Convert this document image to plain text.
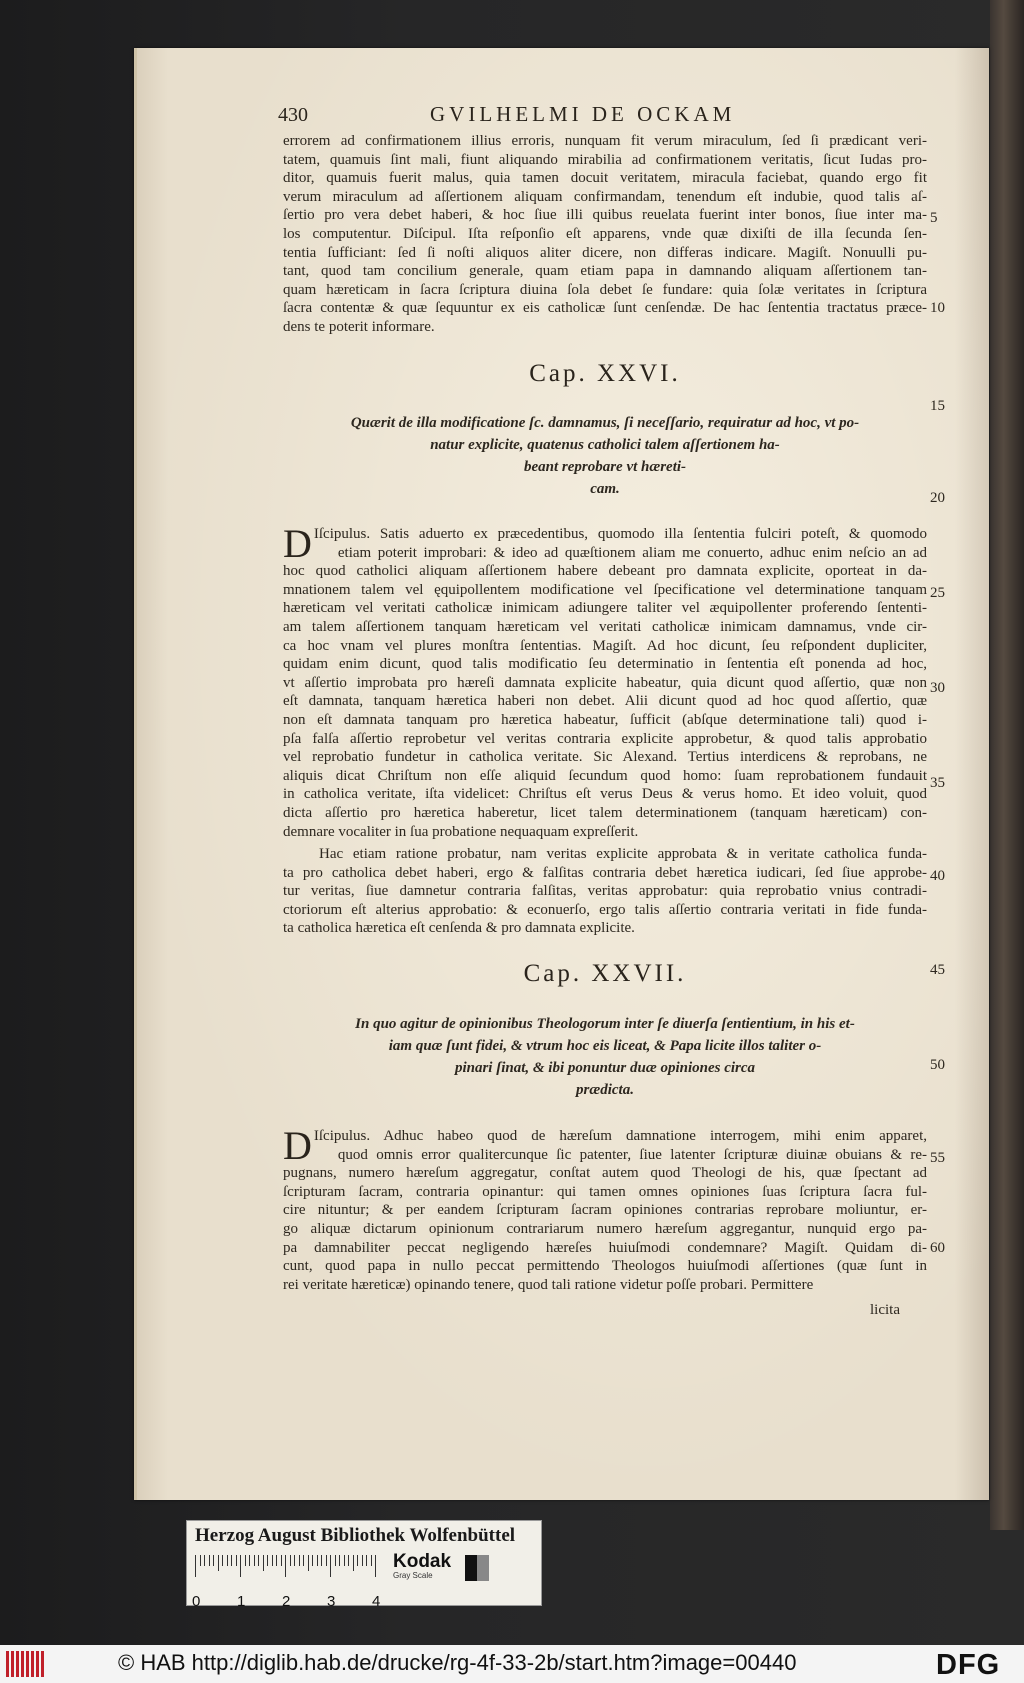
430	GVILHELMI DE OCKAM
errorem ad confirmationem illius erroris, nunquam fit verum miraculum, ſed ſi prædicant veri-
tatem, quamuis ſint mali, fiunt aliquando mirabilia ad confirmationem veritatis, ſicut Iudas pro-
ditor, quamuis fuerit malus, quia tamen docuit veritatem, miracula faciebat, quando ergo fit
verum miraculum ad aſſertionem aliquam confirmandam, tenendum eſt indubie, quod talis aſ-
ſertio pro vera debet haberi, & hoc ſiue illi quibus reuelata fuerint inter bonos, ſiue inter ma-
los computentur. Diſcipul. Iſta reſponſio eſt apparens, vnde quæ dixiſti de illa ſecunda ſen-
tentia ſufficiant: ſed ſi noſti aliquos aliter dicere, non differas indicare. Magiſt. Nonuulli pu-
tant, quod tam concilium generale, quam etiam papa in damnando aliquam aſſertionem tan-
quam hæreticam in ſacra ſcriptura diuina ſola debet ſe fundare: quia ſolæ veritates in ſcriptura
ſacra contentæ & quæ ſequuntur ex eis catholicæ ſunt cenſendæ. De hac ſententia tractatus præce-
dens te poterit informare.
Cap. XXVI.
Quærit de illa modificatione ſc. damnamus, ſi neceſſario, requiratur ad hoc, vt po-
natur explicite, quatenus catholici talem aſſertionem ha-
beant reprobare vt hæreti-
cam.
D Iſcipulus. Satis aduerto ex præcedentibus, quomodo illa ſententia fulciri poteſt, & quomodo
etiam poterit improbari: & ideo ad quæſtionem aliam me conuerto, adhuc enim neſcio an ad
hoc quod catholici aliquam aſſertionem habere debeant pro damnata explicite, oporteat in da-
mnationem talem vel ęquipollentem modificatione vel ſpecificatione vel determinatione tanquam
hæreticam vel veritati catholicæ inimicam adiungere taliter vel æquipollenter proferendo ſententi-
am talem aſſertionem tanquam hæreticam vel veritati catholicæ inimicam damnamus, vnde cir-
ca hoc vnam vel plures monſtra ſententias. Magiſt. Ad hoc dicunt, ſeu reſpondent dupliciter,
quidam enim dicunt, quod talis modificatio ſeu determinatio in ſententia eſt ponenda ad hoc,
vt aſſertio improbata pro hæreſi damnata explicite habeatur, quia dicunt quod aſſertio, quæ non
eſt damnata, tanquam hæretica haberi non debet. Alii dicunt quod ad hoc quod aſſertio, quæ
non eſt damnata tanquam pro hæretica habeatur, ſufficit (abſque determinatione tali) quod i-
pſa falſa aſſertio reprobetur vel veritas contraria explicite approbetur, & quod talis approbatio
vel reprobatio fundetur in catholica veritate. Sic Alexand. Tertius interdicens & reprobans, ne
aliquis dicat Chriſtum non eſſe aliquid ſecundum quod homo: ſuam reprobationem fundauit
in catholica veritate, iſta videlicet: Chriſtus eſt verus Deus & verus homo. Et ideo voluit, quod
dicta aſſertio pro hæretica haberetur, licet talem determinationem (tanquam hæreticam) con-
demnare vocaliter in ſua probatione nequaquam expreſſerit.
Hac etiam ratione probatur, nam veritas explicite approbata & in veritate catholica funda-
ta pro catholica debet haberi, ergo & falſitas contraria debet hæretica iudicari, ſed ſiue approbe-
tur veritas, ſiue damnetur contraria falſitas, veritas approbatur: quia reprobatio vnius contradi-
ctoriorum eſt alterius approbatio: & econuerſo, ergo talis aſſertio contraria veritati in fide funda-
ta catholica hæretica eſt cenſenda & pro damnata explicite.
Cap. XXVII.
In quo agitur de opinionibus Theologorum inter ſe diuerſa ſentientium, in his et-
iam quæ ſunt fidei, & vtrum hoc eis liceat, & Papa licite illos taliter o-
pinari ſinat, & ibi ponuntur duæ opiniones circa
prædicta.
D Iſcipulus. Adhuc habeo quod de hæreſum damnatione interrogem, mihi enim apparet,
quod omnis error qualitercunque ſic patenter, ſiue latenter ſcripturæ diuinæ obuians & re-
pugnans, numero hæreſum aggregatur, conſtat autem quod Theologi de his, quæ ſpectant ad
ſcripturam ſacram, contraria opinantur: qui tamen omnes opiniones ſuas ſcriptura ſacra ful-
cire nituntur; & per eandem ſcripturam ſacram opiniones contrarias reprobare moliuntur, er-
go aliquæ dictarum opinionum contrariarum numero hæreſum aggregantur, nunquid ergo pa-
pa damnabiliter peccat negligendo hæreſes huiuſmodi condemnare? Magiſt. Quidam di-
cunt, quod papa in nullo peccat permittendo Theologos huiuſmodi aſſertiones (quæ ſunt in
rei veritate hæreticæ) opinando tenere, quod tali ratione videtur poſſe probari. Permittere
licita
5
10
15
20
25
30
35
40
45
50
55
60
Herzog August Bibliothek Wolfenbüttel
0 1 2 3 4
Kodak
Gray Scale
© HAB http://diglib.hab.de/drucke/rg-4f-33-2b/start.htm?image=00440	DFG
